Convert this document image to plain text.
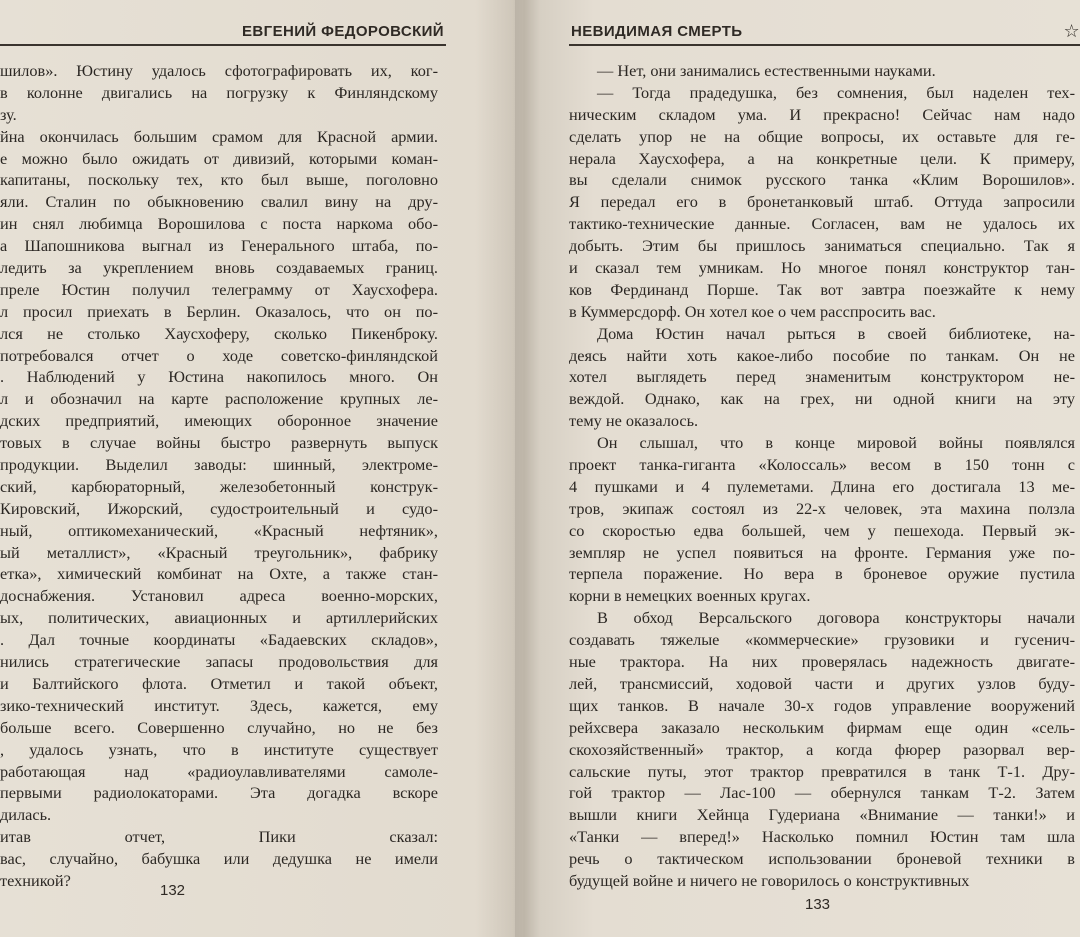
ЕВГЕНИЙ ФЕДОРОВСКИЙ
шилов». Юстину удалось сфотографировать их, ког-
в колонне двигались на погрузку к Финляндскому
зу.
йна окончилась большим срамом для Красной армии.
е можно было ожидать от дивизий, которыми коман-
капитаны, поскольку тех, кто был выше, поголовно
яли. Сталин по обыкновению свалил вину на дру-
ин снял любимца Ворошилова с поста наркома обо-
а Шапошникова выгнал из Генерального штаба, по-
ледить за укреплением вновь создаваемых границ.
преле Юстин получил телеграмму от Хаусхофера.
л просил приехать в Берлин. Оказалось, что он по-
лся не столько Хаусхоферу, сколько Пикенброку.
потребовался отчет о ходе советско-финляндской
. Наблюдений у Юстина накопилось много. Он
л и обозначил на карте расположение крупных ле-
дских предприятий, имеющих оборонное значение
товых в случае войны быстро развернуть выпуск
продукции. Выделил заводы: шинный, электроме-
ский, карбюраторный, железобетонный конструк-
Кировский, Ижорский, судостроительный и судо-
ный, оптикомеханический, «Красный нефтяник»,
ый металлист», «Красный треугольник», фабрику
етка», химический комбинат на Охте, а также стан-
доснабжения. Установил адреса военно-морских,
ых, политических, авиационных и артиллерийских
. Дал точные координаты «Бадаевских складов»,
нились стратегические запасы продовольствия для
и Балтийского флота. Отметил и такой объект,
зико-технический институт. Здесь, кажется, ему
больше всего. Совершенно случайно, но не без
, удалось узнать, что в институте существует
работающая над «радиоулавливателями самоле-
первыми радиолокаторами. Эта догадка вскоре
дилась.
итав отчет, Пики сказал:
вас, случайно, бабушка или дедушка не имели
техникой?
132
НЕВИДИМАЯ СМЕРТЬ	☆
— Нет, они занимались естественными науками.
— Тогда прадедушка, без сомнения, был наделен тех-
ническим складом ума. И прекрасно! Сейчас нам надо
сделать упор не на общие вопросы, их оставьте для ге-
нерала Хаусхофера, а на конкретные цели. К примеру,
вы сделали снимок русского танка «Клим Ворошилов».
Я передал его в бронетанковый штаб. Оттуда запросили
тактико-технические данные. Согласен, вам не удалось их
добыть. Этим бы пришлось заниматься специально. Так я
и сказал тем умникам. Но многое понял конструктор тан-
ков Фердинанд Порше. Так вот завтра поезжайте к нему
в Куммерсдорф. Он хотел кое о чем расспросить вас.
Дома Юстин начал рыться в своей библиотеке, на-
деясь найти хоть какое-либо пособие по танкам. Он не
хотел выглядеть перед знаменитым конструктором не-
веждой. Однако, как на грех, ни одной книги на эту
тему не оказалось.
Он слышал, что в конце мировой войны появлялся
проект танка-гиганта «Колоссаль» весом в 150 тонн с
4 пушками и 4 пулеметами. Длина его достигала 13 ме-
тров, экипаж состоял из 22-х человек, эта махина ползла
со скоростью едва большей, чем у пешехода. Первый эк-
земпляр не успел появиться на фронте. Германия уже по-
терпела поражение. Но вера в броневое оружие пустила
корни в немецких военных кругах.
В обход Версальского договора конструкторы начали
создавать тяжелые «коммерческие» грузовики и гусенич-
ные трактора. На них проверялась надежность двигате-
лей, трансмиссий, ходовой части и других узлов буду-
щих танков. В начале 30-х годов управление вооружений
рейхсвера заказало нескольким фирмам еще один «сель-
скохозяйственный» трактор, а когда фюрер разорвал вер-
сальские путы, этот трактор превратился в танк Т-1. Дру-
гой трактор — Лас-100 — обернулся танкам Т-2. Затем
вышли книги Хейнца Гудериана «Внимание — танки!» и
«Танки — вперед!» Насколько помнил Юстин там шла
речь о тактическом использовании броневой техники в
будущей войне и ничего не говорилось о конструктивных
133
